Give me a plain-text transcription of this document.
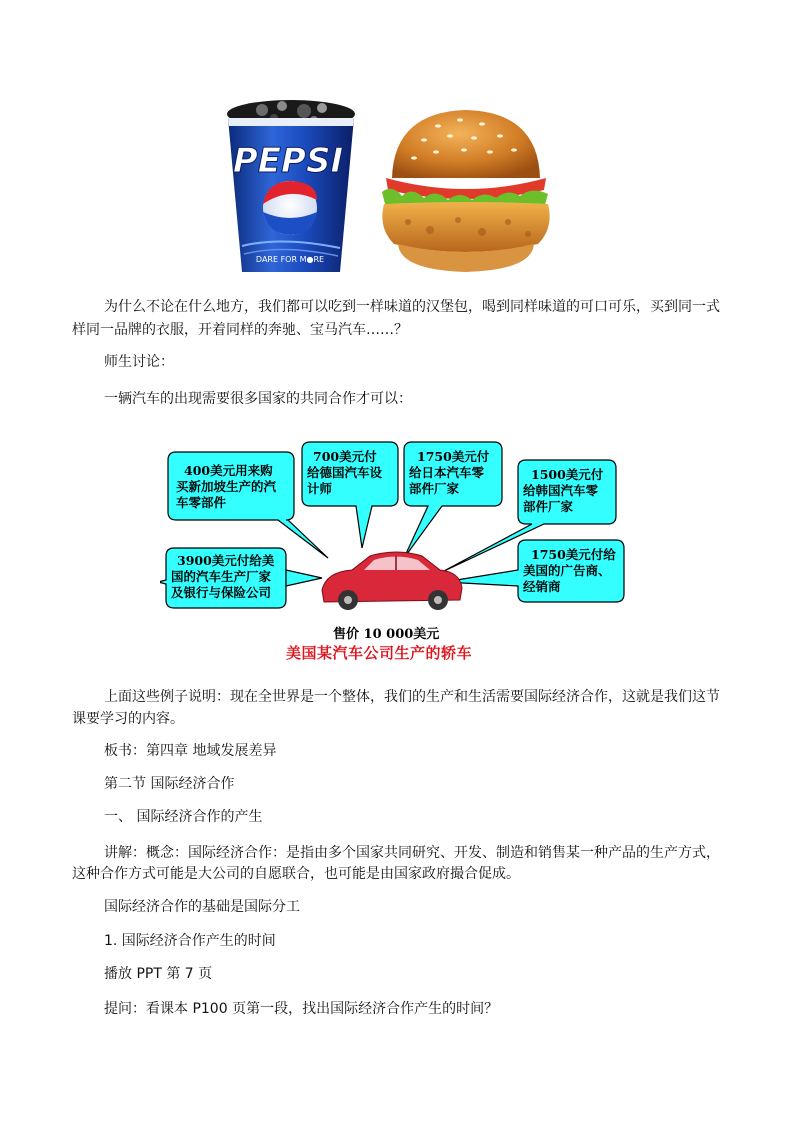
PEPSI
DARE FOR M●RE
为什么不论在什么地方，我们都可以吃到一样味道的汉堡包，喝到同样味道的可口可乐，买到同一式
样同一品牌的衣服，开着同样的奔驰、宝马汽车……？
师生讨论：
一辆汽车的出现需要很多国家的共同合作才可以：
400美元用来购
买新加坡生产的汽
车零部件
700美元付
给德国汽车设
计师
1750美元付
给日本汽车零
部件厂家
1500美元付
给韩国汽车零
部件厂家
3900美元付给美
国的汽车生产厂家
及银行与保险公司
1750美元付给
美国的广告商、
经销商
售价 10 000美元
美国某汽车公司生产的轿车
上面这些例子说明：现在全世界是一个整体，我们的生产和生活需要国际经济合作，这就是我们这节
课要学习的内容。
板书：第四章 地域发展差异
第二节 国际经济合作
一、 国际经济合作的产生
讲解：概念：国际经济合作：是指由多个国家共同研究、开发、制造和销售某一种产品的生产方式，
这种合作方式可能是大公司的自愿联合，也可能是由国家政府撮合促成。
国际经济合作的基础是国际分工
1. 国际经济合作产生的时间
播放 PPT 第 7 页
提问：看课本 P100 页第一段，找出国际经济合作产生的时间？
